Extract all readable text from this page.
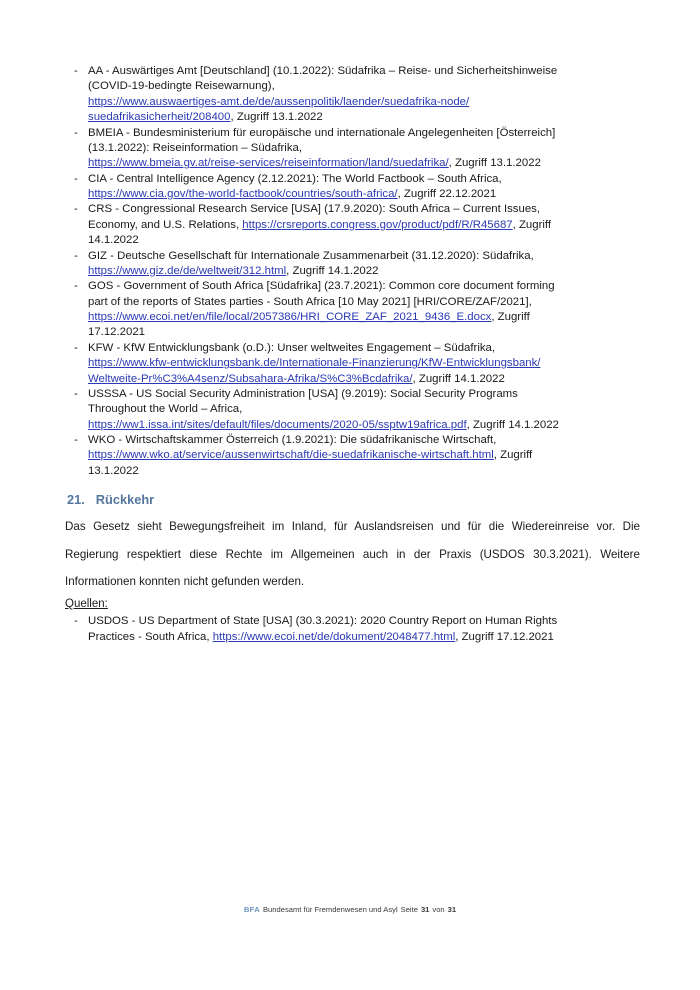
- AA - Auswärtiges Amt [Deutschland] (10.1.2022): Südafrika – Reise- und Sicherheitshinweise
(COVID-19-bedingte Reisewarnung),
https://www.auswaertiges-amt.de/de/aussenpolitik/laender/suedafrika-node/
suedafrikasicherheit/208400, Zugriff 13.1.2022
- BMEIA - Bundesministerium für europäische und internationale Angelegenheiten [Österreich]
(13.1.2022): Reiseinformation – Südafrika,
https://www.bmeia.gv.at/reise-services/reiseinformation/land/suedafrika/, Zugriff 13.1.2022
- CIA - Central Intelligence Agency (2.12.2021): The World Factbook – South Africa,
https://www.cia.gov/the-world-factbook/countries/south-africa/, Zugriff 22.12.2021
- CRS - Congressional Research Service [USA] (17.9.2020): South Africa – Current Issues,
Economy, and U.S. Relations, https://crsreports.congress.gov/product/pdf/R/R45687, Zugriff
14.1.2022
- GIZ - Deutsche Gesellschaft für Internationale Zusammenarbeit (31.12.2020): Südafrika,
https://www.giz.de/de/weltweit/312.html, Zugriff 14.1.2022
- GOS - Government of South Africa [Südafrika] (23.7.2021): Common core document forming
part of the reports of States parties - South Africa [10 May 2021] [HRI/CORE/ZAF/2021],
https://www.ecoi.net/en/file/local/2057386/HRI_CORE_ZAF_2021_9436_E.docx, Zugriff
17.12.2021
- KFW - KfW Entwicklungsbank (o.D.): Unser weltweites Engagement – Südafrika,
https://www.kfw-entwicklungsbank.de/Internationale-Finanzierung/KfW-Entwicklungsbank/
Weltweite-Pr%C3%A4senz/Subsahara-Afrika/S%C3%Bcdafrika/, Zugriff 14.1.2022
- USSSA - US Social Security Administration [USA] (9.2019): Social Security Programs
Throughout the World – Africa,
https://ww1.issa.int/sites/default/files/documents/2020-05/ssptw19africa.pdf, Zugriff 14.1.2022
- WKO - Wirtschaftskammer Österreich (1.9.2021): Die südafrikanische Wirtschaft,
https://www.wko.at/service/aussenwirtschaft/die-suedafrikanische-wirtschaft.html, Zugriff
13.1.2022
21. Rückkehr

Das Gesetz sieht Bewegungsfreiheit im Inland, für Auslandsreisen und für die Wiedereinreise vor. Die Regierung respektiert diese Rechte im Allgemeinen auch in der Praxis (USDOS 30.3.2021). Weitere Informationen konnten nicht gefunden werden.

Quellen:
- USDOS - US Department of State [USA] (30.3.2021): 2020 Country Report on Human Rights
Practices - South Africa, https://www.ecoi.net/de/dokument/2048477.html, Zugriff 17.12.2021
BFA Bundesamt für Fremdenwesen und Asyl Seite 31 von 31
